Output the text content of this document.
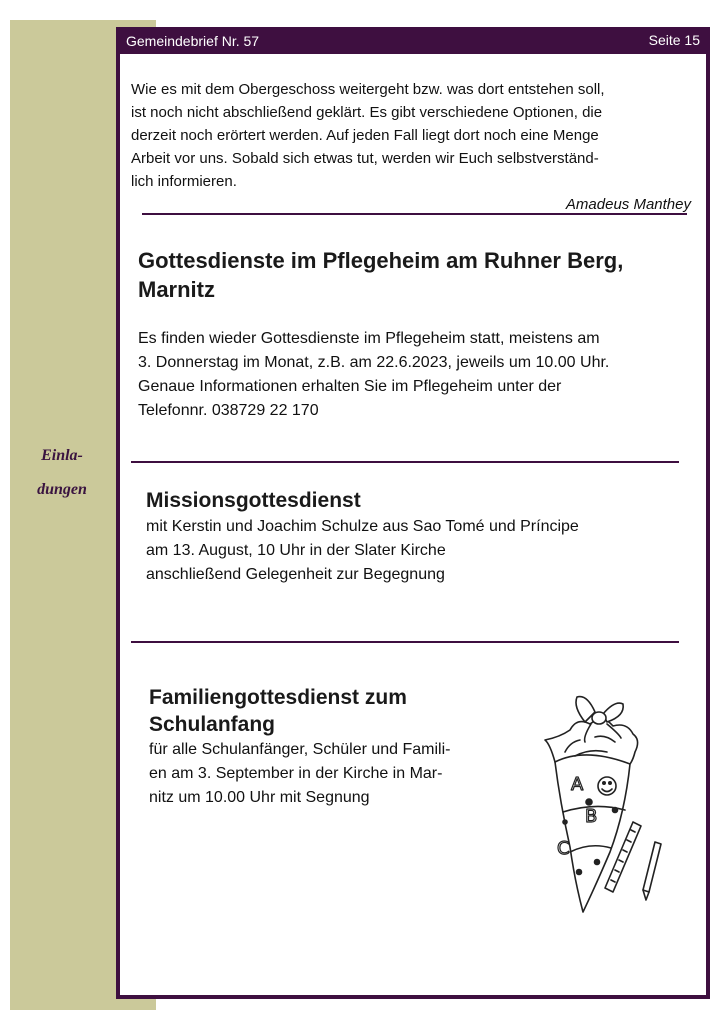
Einla-
dungen
Gemeindebrief Nr. 57	Seite 15

Wie es mit dem Obergeschoss weitergeht bzw. was dort entstehen soll,

ist noch nicht abschließend geklärt. Es gibt verschiedene Optionen, die

derzeit noch erörtert werden. Auf jeden Fall liegt dort noch eine Menge

Arbeit vor uns. Sobald sich etwas tut, werden wir Euch selbstverständ-

lich informieren.

Amadeus Manthey

Gottesdienste im Pflegeheim am Ruhner Berg,
Marnitz

Es finden wieder Gottesdienste im Pflegeheim statt, meistens am

3. Donnerstag im Monat, z.B. am 22.6.2023, jeweils um 10.00 Uhr.

Genaue Informationen erhalten Sie im Pflegeheim unter der

Telefonnr. 038729 22 170

Missionsgottesdienst

mit Kerstin und Joachim Schulze aus Sao Tomé und Príncipe

am 13. August, 10 Uhr in der Slater Kirche

anschließend Gelegenheit zur Begegnung

Familiengottesdienst zum
Schulanfang

für alle Schulanfänger, Schüler und Famili-

en am 3. September in der Kirche in Mar-

nitz um 10.00 Uhr mit Segnung

A
B
C
